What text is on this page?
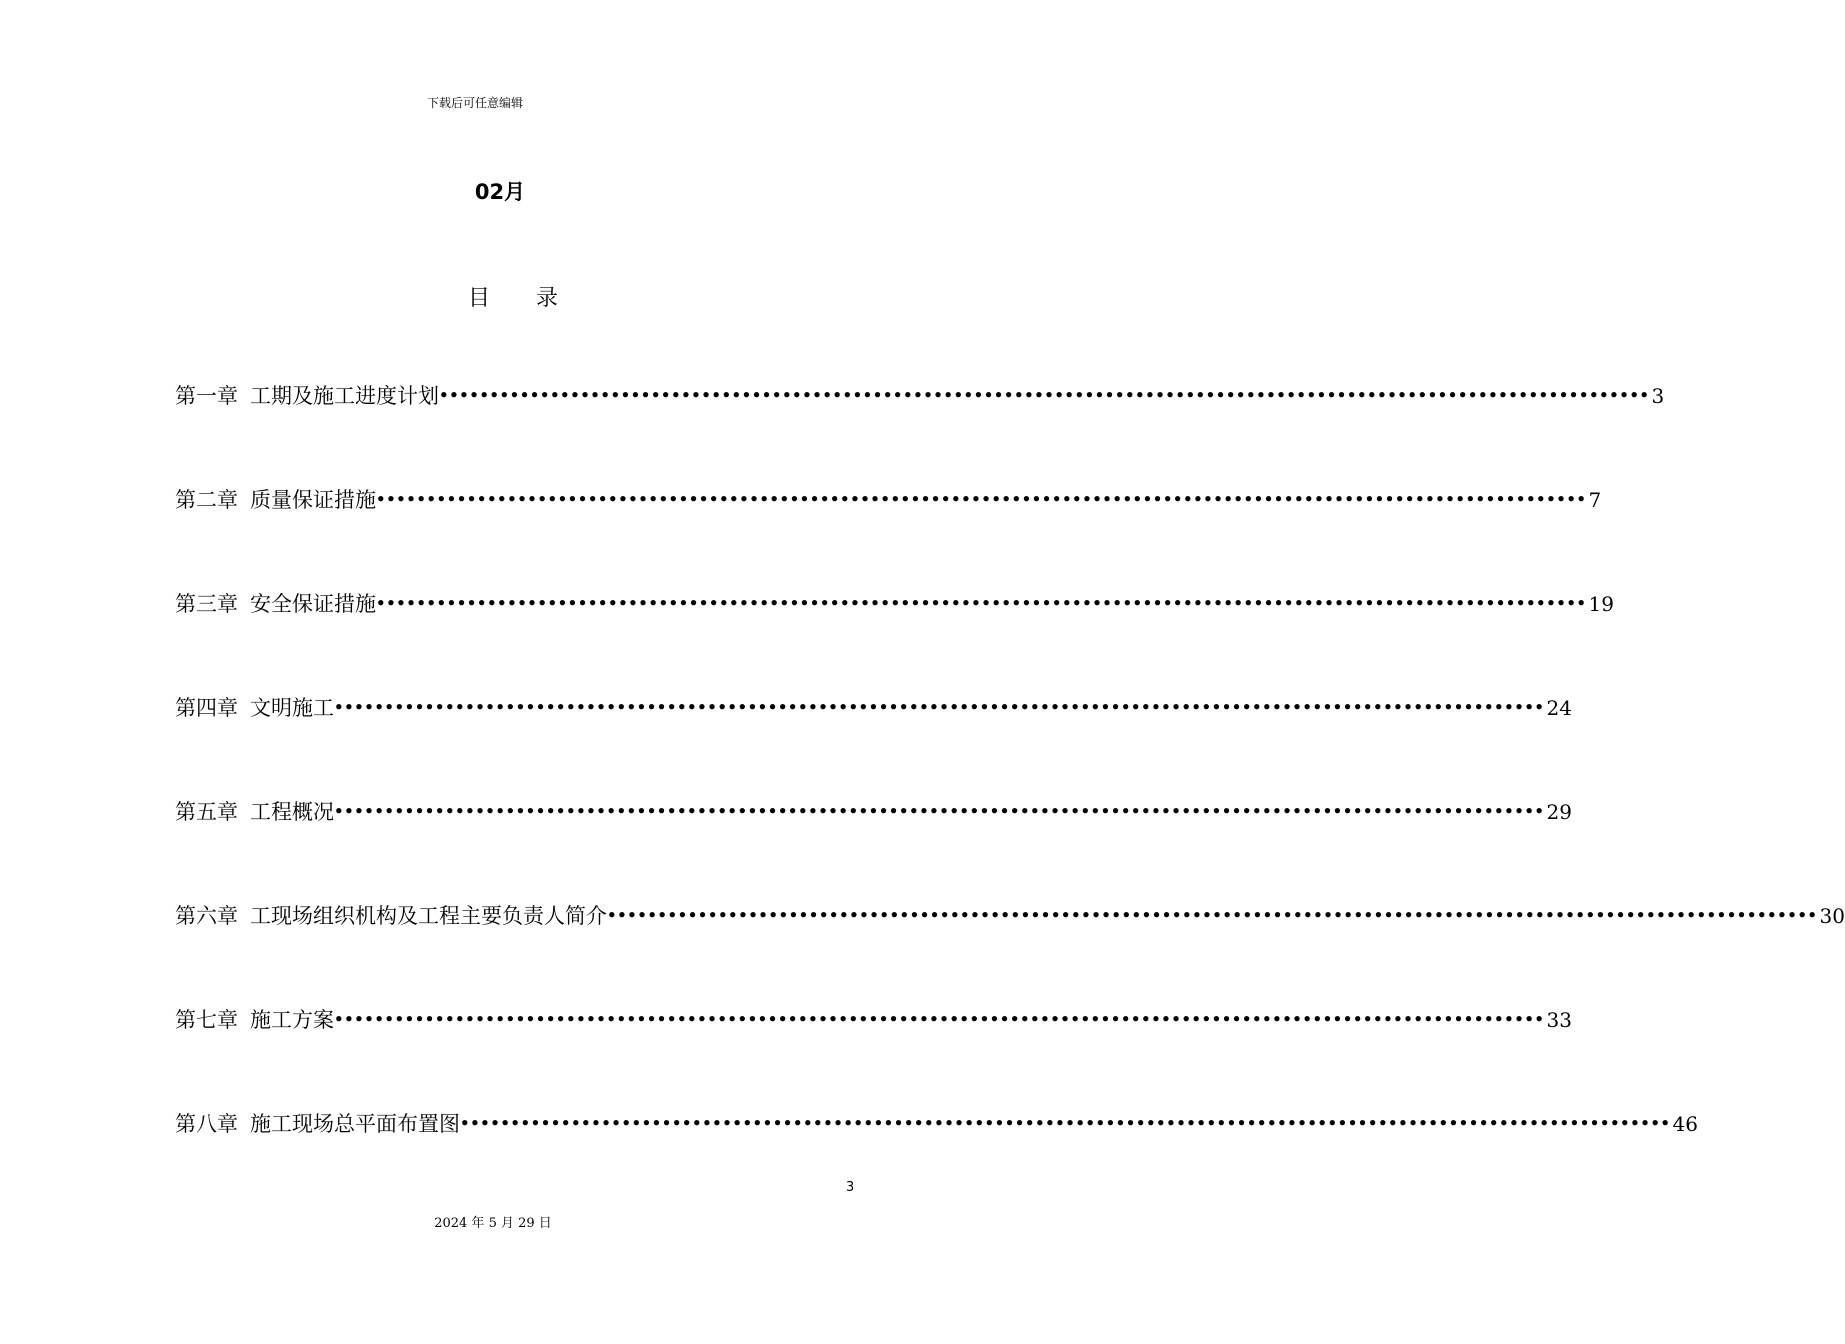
下载后可任意编辑
02月
目 录
第一章 工期及施工进度计划 •••••••••••••••••••••••••••••••••••••••••••••••••••••••••••••••••••••••••••••••••••••••••••••••••••••••••••••••••••••••• 3
第二章 质量保证措施 •••••••••••••••••••••••••••••••••••••••••••••••••••••••••••••••••••••••••••••••••••••••••••••••••••••••••••••••••••••••• 7
第三章 安全保证措施 •••••••••••••••••••••••••••••••••••••••••••••••••••••••••••••••••••••••••••••••••••••••••••••••••••••••••••••••••••••••• 19
第四章 文明施工 •••••••••••••••••••••••••••••••••••••••••••••••••••••••••••••••••••••••••••••••••••••••••••••••••••••••••••••••••••••••• 24
第五章 工程概况 •••••••••••••••••••••••••••••••••••••••••••••••••••••••••••••••••••••••••••••••••••••••••••••••••••••••••••••••••••••••• 29
第六章 工现场组织机构及工程主要负责人简介 •••••••••••••••••••••••••••••••••••••••••••••••••••••••••••••••••••••••••••••••••••••••••••••••••••••••••••••••••••••••• 30
第七章 施工方案 •••••••••••••••••••••••••••••••••••••••••••••••••••••••••••••••••••••••••••••••••••••••••••••••••••••••••••••••••••••••• 33
第八章 施工现场总平面布置图 •••••••••••••••••••••••••••••••••••••••••••••••••••••••••••••••••••••••••••••••••••••••••••••••••••••••••••••••••••••••• 46
3
2024 年 5 月 29 日
